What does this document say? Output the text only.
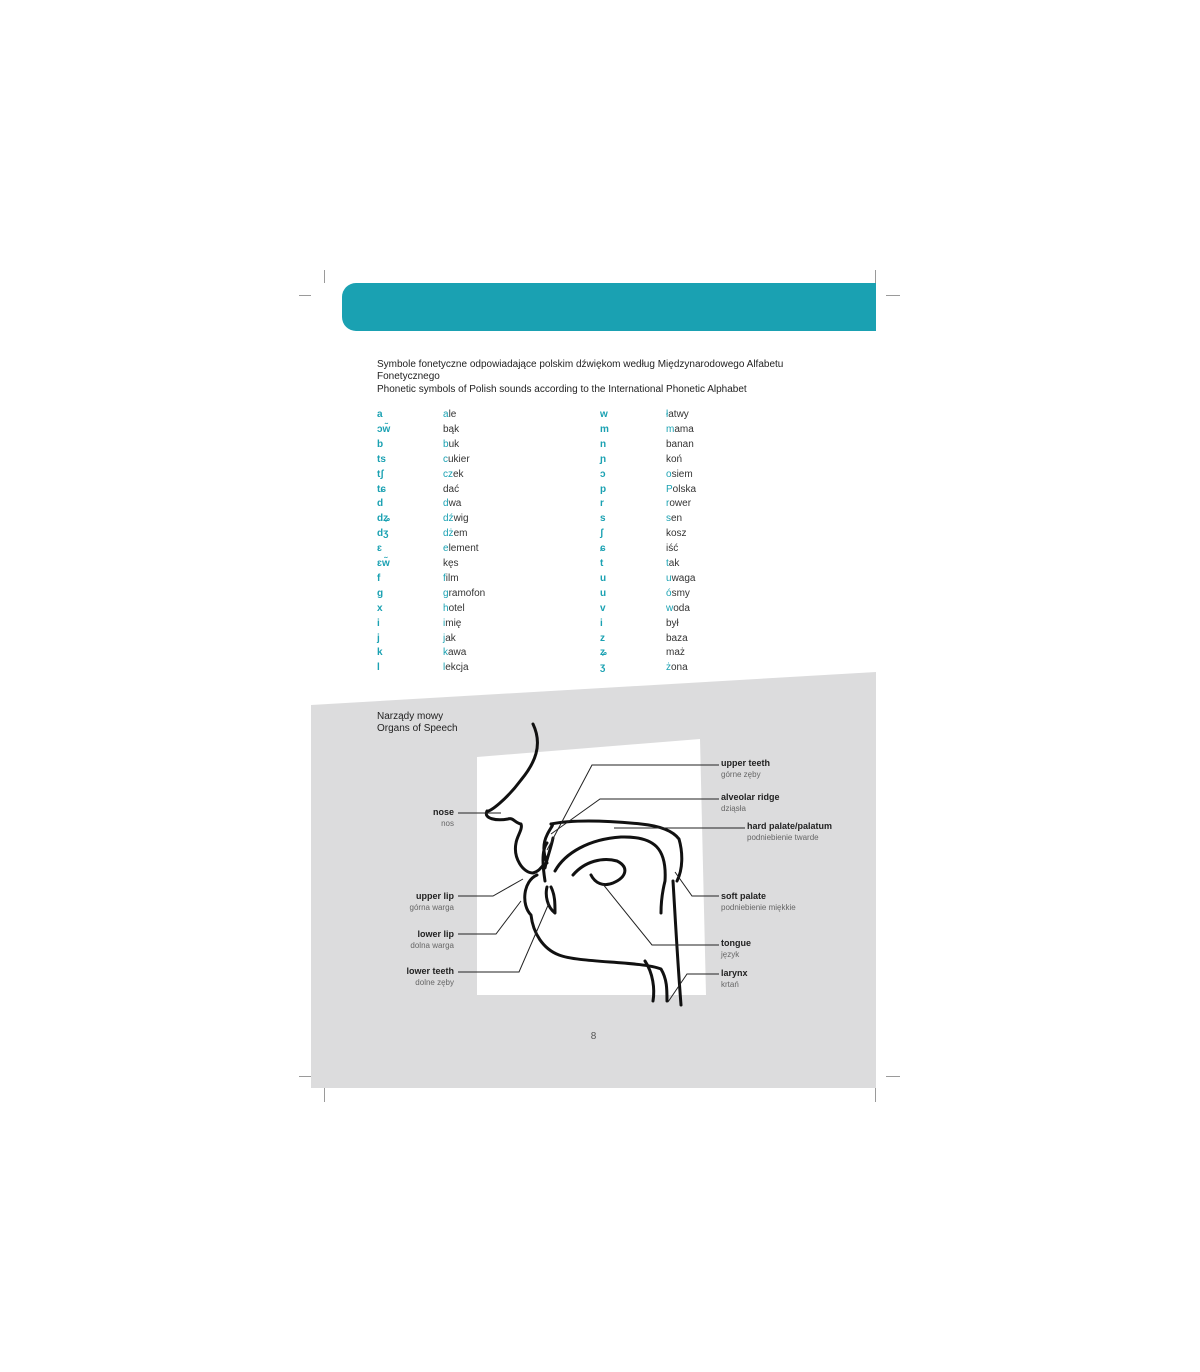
Symbole fonetyczne odpowiadające polskim dźwiękom według Międzynarodowego Alfabetu Fonetycznego
Phonetic symbols of Polish sounds according to the International Phonetic Alphabet
a	ale
ɔw̃	bąk
b	buk
ts	cukier
tʃ	czek
tɕ	dać
d	dwa
dʑ	dźwig
dʒ	dżem
ɛ	element
ɛw̃	kęs
f	film
g	gramofon
x	hotel
i	imię
j	jak
k	kawa
l	lekcja
w	łatwy
m	mama
n	banan
ɲ	koń
ɔ	osiem
p	Polska
r	rower
s	sen
ʃ	kosz
ɕ	iść
t	tak
u	uwaga
u	ósmy
v	woda
i	był
z	baza
ʑ	maż
ʒ	żona
Narządy mowy
Organs of Speech
upper teeth
górne zęby
alveolar ridge
dziąsła
hard palate/palatum
podniebienie twarde
soft palate
podniebienie miękkie
tongue
język
larynx
krtań
nose
nos
upper lip
górna warga
lower lip
dolna warga
lower teeth
dolne zęby
8
